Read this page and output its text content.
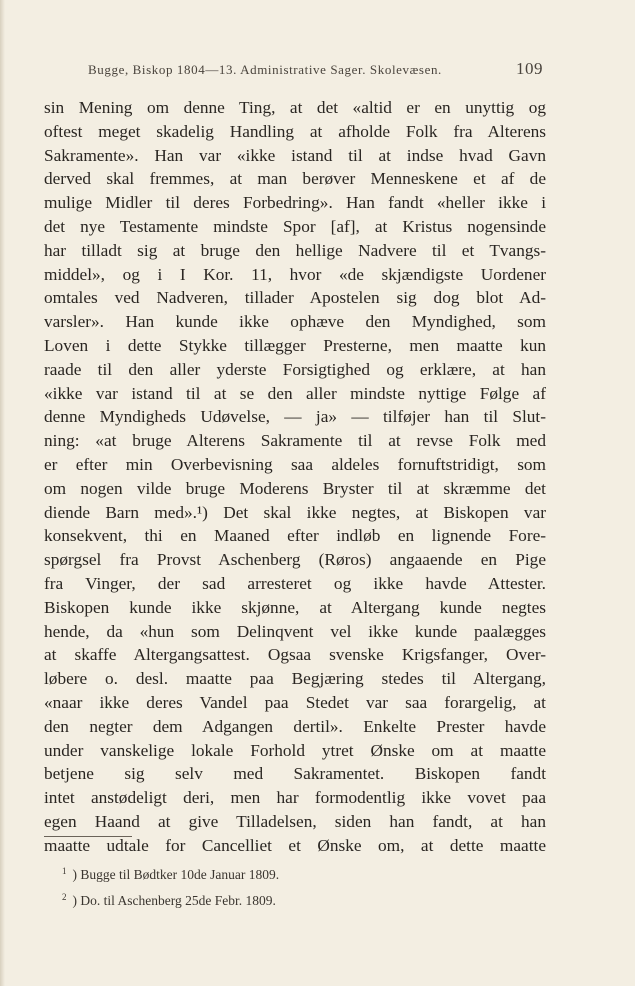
Bugge, Biskop 1804—13. Administrative Sager. Skolevæsen.	109
sin Mening om denne Ting, at det «altid er en unyttig og
oftest meget skadelig Handling at afholde Folk fra Alterens
Sakramente». Han var «ikke istand til at indse hvad Gavn
derved skal fremmes, at man berøver Menneskene et af de
mulige Midler til deres Forbedring». Han fandt «heller ikke i
det nye Testamente mindste Spor [af], at Kristus nogensinde
har tilladt sig at bruge den hellige Nadvere til et Tvangs-
middel», og i I Kor. 11, hvor «de skjændigste Uordener
omtales ved Nadveren, tillader Apostelen sig dog blot Ad-
varsler». Han kunde ikke ophæve den Myndighed, som
Loven i dette Stykke tillægger Presterne, men maatte kun
raade til den aller yderste Forsigtighed og erklære, at han
«ikke var istand til at se den aller mindste nyttige Følge af
denne Myndigheds Udøvelse, — ja» — tilføjer han til Slut-
ning: «at bruge Alterens Sakramente til at revse Folk med
er efter min Overbevisning saa aldeles fornuftstridigt, som
om nogen vilde bruge Moderens Bryster til at skræmme det
diende Barn med».¹) Det skal ikke negtes, at Biskopen var
konsekvent, thi en Maaned efter indløb en lignende Fore-
spørgsel fra Provst Aschenberg (Røros) angaaende en Pige
fra Vinger, der sad arresteret og ikke havde Attester.
Biskopen kunde ikke skjønne, at Altergang kunde negtes
hende, da «hun som Delinqvent vel ikke kunde paalægges
at skaffe Altergangsattest. Ogsaa svenske Krigsfanger, Over-
løbere o. desl. maatte paa Begjæring stedes til Altergang,
«naar ikke deres Vandel paa Stedet var saa forargelig, at
den negter dem Adgangen dertil». Enkelte Prester havde
under vanskelige lokale Forhold ytret Ønske om at maatte
betjene sig selv med Sakramentet. Biskopen fandt
intet anstødeligt deri, men har formodentlig ikke vovet paa
egen Haand at give Tilladelsen, siden han fandt, at han
maatte udtale for Cancelliet et Ønske om, at dette maatte
$^1$ ) Bugge til Bødtker 10de Januar 1809.
$^2$ ) Do. til Aschenberg 25de Febr. 1809.
